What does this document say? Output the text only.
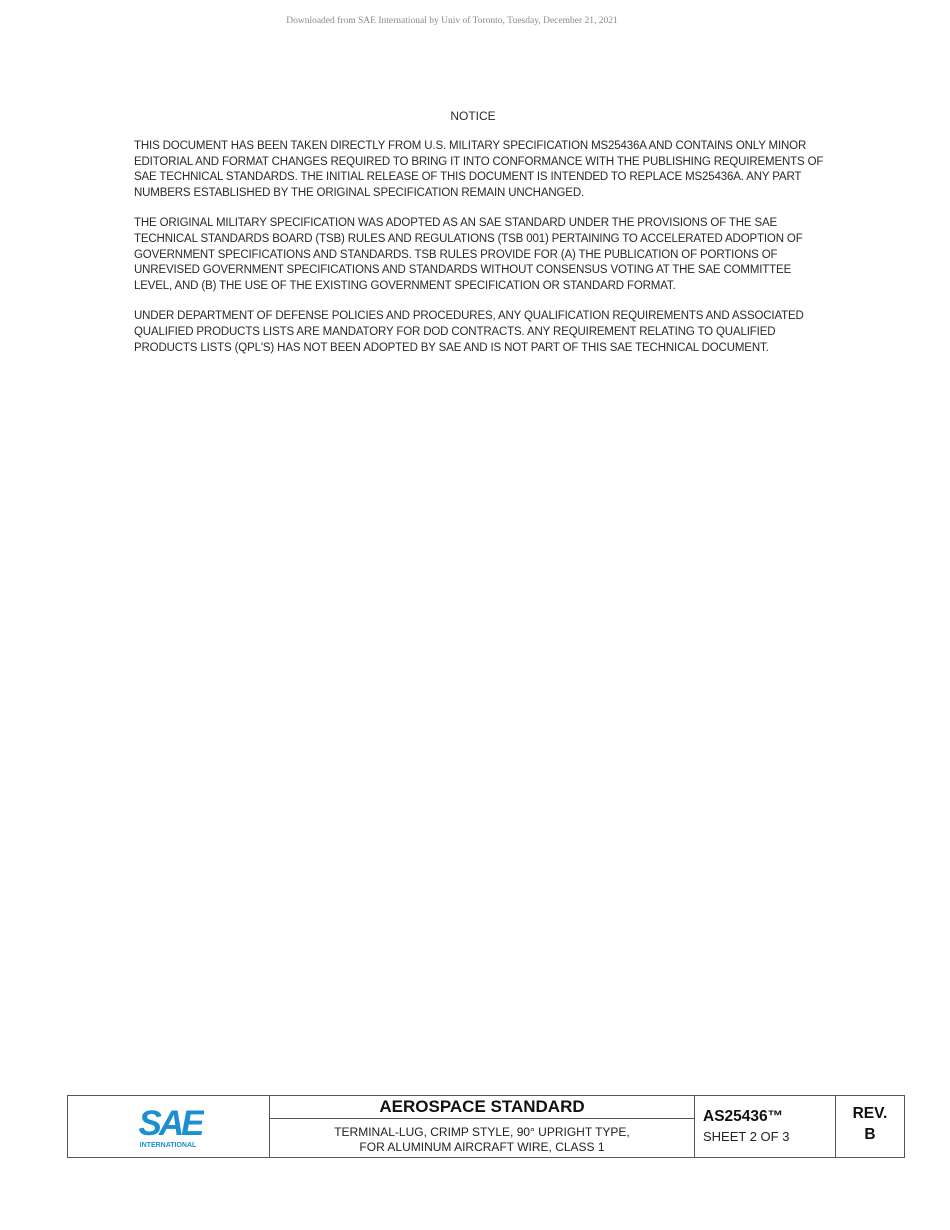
Downloaded from SAE International by Univ of Toronto, Tuesday, December 21, 2021
NOTICE

THIS DOCUMENT HAS BEEN TAKEN DIRECTLY FROM U.S. MILITARY SPECIFICATION MS25436A AND CONTAINS ONLY MINOR EDITORIAL AND FORMAT CHANGES REQUIRED TO BRING IT INTO CONFORMANCE WITH THE PUBLISHING REQUIREMENTS OF SAE TECHNICAL STANDARDS. THE INITIAL RELEASE OF THIS DOCUMENT IS INTENDED TO REPLACE MS25436A. ANY PART NUMBERS ESTABLISHED BY THE ORIGINAL SPECIFICATION REMAIN UNCHANGED.

THE ORIGINAL MILITARY SPECIFICATION WAS ADOPTED AS AN SAE STANDARD UNDER THE PROVISIONS OF THE SAE TECHNICAL STANDARDS BOARD (TSB) RULES AND REGULATIONS (TSB 001) PERTAINING TO ACCELERATED ADOPTION OF GOVERNMENT SPECIFICATIONS AND STANDARDS. TSB RULES PROVIDE FOR (A) THE PUBLICATION OF PORTIONS OF UNREVISED GOVERNMENT SPECIFICATIONS AND STANDARDS WITHOUT CONSENSUS VOTING AT THE SAE COMMITTEE LEVEL, AND (B) THE USE OF THE EXISTING GOVERNMENT SPECIFICATION OR STANDARD FORMAT.

UNDER DEPARTMENT OF DEFENSE POLICIES AND PROCEDURES, ANY QUALIFICATION REQUIREMENTS AND ASSOCIATED QUALIFIED PRODUCTS LISTS ARE MANDATORY FOR DOD CONTRACTS. ANY REQUIREMENT RELATING TO QUALIFIED PRODUCTS LISTS (QPL'S) HAS NOT BEEN ADOPTED BY SAE AND IS NOT PART OF THIS SAE TECHNICAL DOCUMENT.

SAE
INTERNATIONAL
AEROSPACE STANDARD
TERMINAL-LUG, CRIMP STYLE, 90° UPRIGHT TYPE,
FOR ALUMINUM AIRCRAFT WIRE, CLASS 1
AS25436™
SHEET 2 OF 3
REV.
B
